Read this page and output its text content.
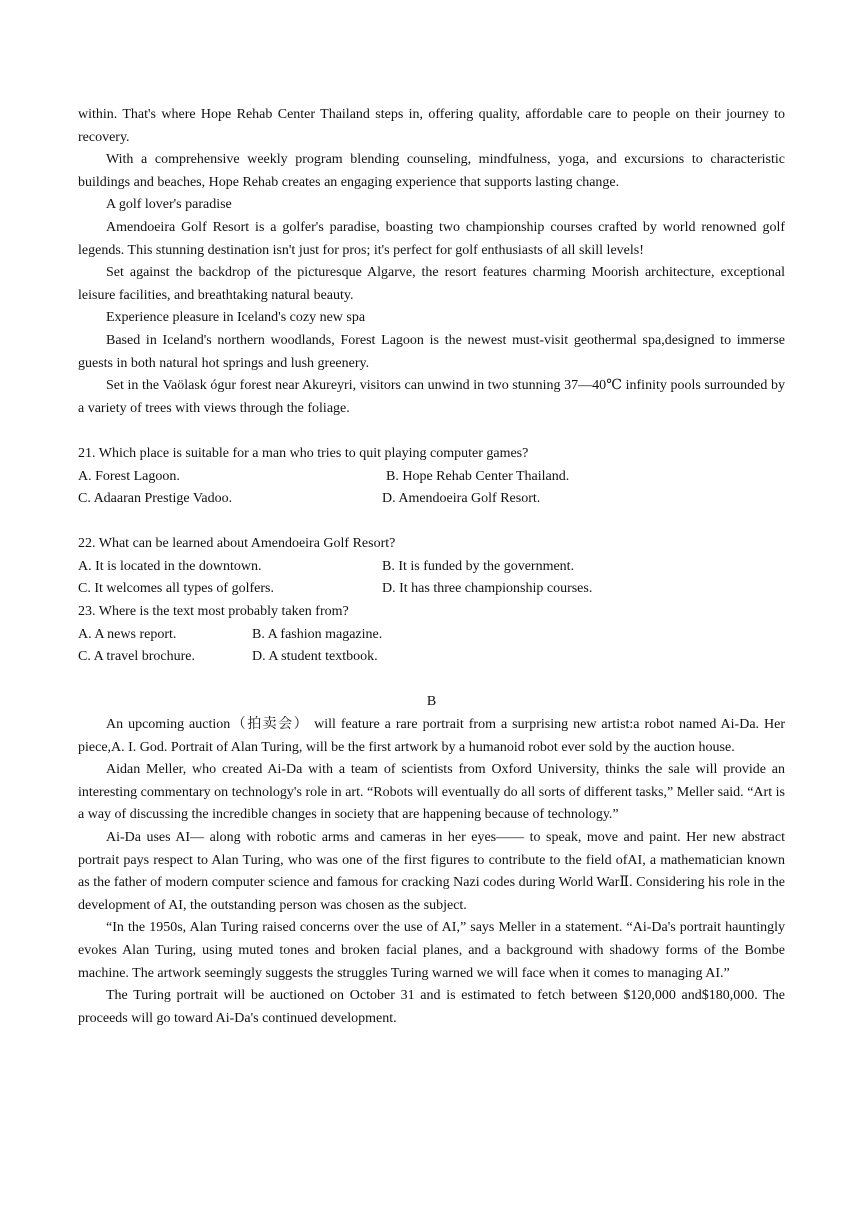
within. That's where Hope Rehab Center Thailand steps in, offering quality, affordable care to people on their journey to recovery.

With a comprehensive weekly program blending counseling, mindfulness, yoga, and excursions to characteristic buildings and beaches, Hope Rehab creates an engaging experience that supports lasting change.

A golf lover's paradise

Amendoeira Golf Resort is a golfer's paradise, boasting two championship courses crafted by world renowned golf legends. This stunning destination isn't just for pros; it's perfect for golf enthusiasts of all skill levels!

Set against the backdrop of the picturesque Algarve, the resort features charming Moorish architecture, exceptional leisure facilities, and breathtaking natural beauty.

Experience pleasure in Iceland's cozy new spa

Based in Iceland's northern woodlands, Forest Lagoon is the newest must-visit geothermal spa,designed to immerse guests in both natural hot springs and lush greenery.

Set in the Vaölask ógur forest near Akureyri, visitors can unwind in two stunning 37—40℃ infinity pools surrounded by a variety of trees with views through the foliage.

21. Which place is suitable for a man who tries to quit playing computer games?

A. Forest Lagoon.	B. Hope Rehab Center Thailand.
C. Adaaran Prestige Vadoo.	D. Amendoeira Golf Resort.

22. What can be learned about Amendoeira Golf Resort?

A. It is located in the downtown.	B. It is funded by the government.
C. It welcomes all types of golfers.	D. It has three championship courses.

23. Where is the text most probably taken from?

A. A news report.	B. A fashion magazine.
C. A travel brochure.	D. A student textbook.

B

An upcoming auction（拍卖会） will feature a rare portrait from a surprising new artist:a robot named Ai-Da. Her piece,A. I. God. Portrait of Alan Turing, will be the first artwork by a humanoid robot ever sold by the auction house.

Aidan Meller, who created Ai-Da with a team of scientists from Oxford University, thinks the sale will provide an interesting commentary on technology's role in art. “Robots will eventually do all sorts of different tasks,” Meller said. “Art is a way of discussing the incredible changes in society that are happening because of technology.”

Ai-Da uses AI— along with robotic arms and cameras in her eyes—— to speak, move and paint. Her new abstract portrait pays respect to Alan Turing, who was one of the first figures to contribute to the field ofAI, a mathematician known as the father of modern computer science and famous for cracking Nazi codes during World WarⅡ. Considering his role in the development of AI, the outstanding person was chosen as the subject.

“In the 1950s, Alan Turing raised concerns over the use of AI,” says Meller in a statement. “Ai-Da's portrait hauntingly evokes Alan Turing, using muted tones and broken facial planes, and a background with shadowy forms of the Bombe machine. The artwork seemingly suggests the struggles Turing warned we will face when it comes to managing AI.”

The Turing portrait will be auctioned on October 31 and is estimated to fetch between $120,000 and$180,000. The proceeds will go toward Ai-Da's continued development.
